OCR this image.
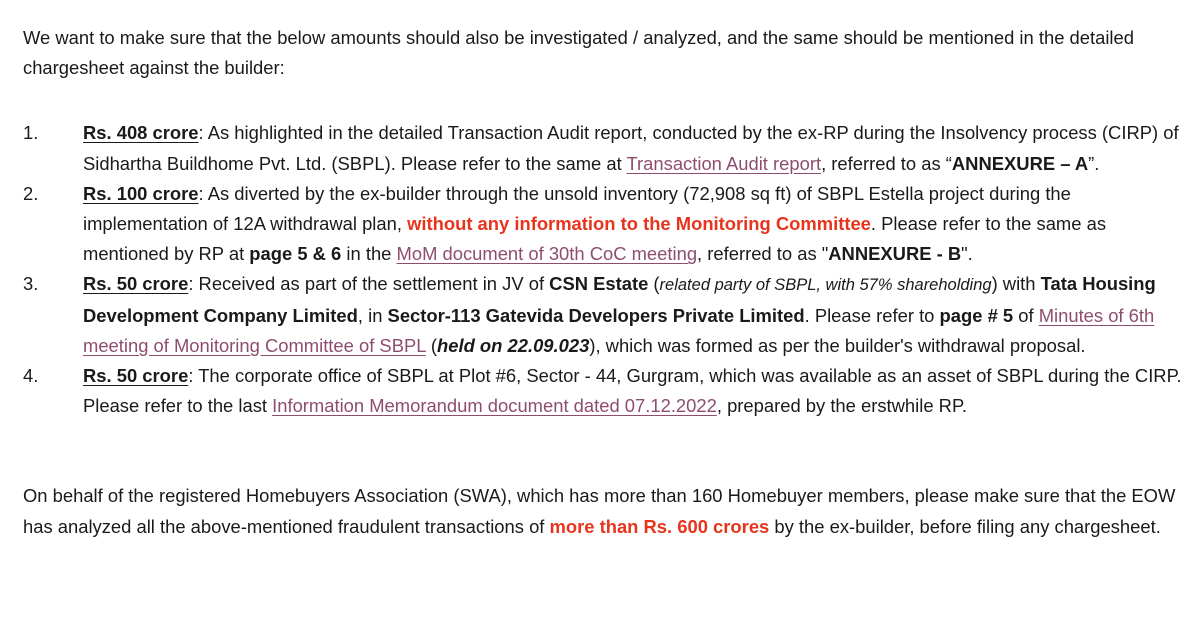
We want to make sure that the below amounts should also be investigated / analyzed, and the same should be mentioned in the detailed chargesheet against the builder:

1.	Rs. 408 crore: As highlighted in the detailed Transaction Audit report, conducted by the ex-RP during the Insolvency process (CIRP) of Sidhartha Buildhome Pvt. Ltd. (SBPL). Please refer to the same at Transaction Audit report, referred to as “ANNEXURE – A”.
2.	Rs. 100 crore: As diverted by the ex-builder through the unsold inventory (72,908 sq ft) of SBPL Estella project during the implementation of 12A withdrawal plan, without any information to the Monitoring Committee. Please refer to the same as mentioned by RP at page 5 & 6 in the MoM document of 30th CoC meeting, referred to as "ANNEXURE - B".
3.	Rs. 50 crore: Received as part of the settlement in JV of CSN Estate (related party of SBPL, with 57% shareholding) with Tata Housing Development Company Limited, in Sector-113 Gatevida Developers Private Limited. Please refer to page # 5 of Minutes of 6th meeting of Monitoring Committee of SBPL (held on 22.09.023), which was formed as per the builder's withdrawal proposal.
4.	Rs. 50 crore: The corporate office of SBPL at Plot #6, Sector - 44, Gurgram, which was available as an asset of SBPL during the CIRP. Please refer to the last Information Memorandum document dated 07.12.2022, prepared by the erstwhile RP.

On behalf of the registered Homebuyers Association (SWA), which has more than 160 Homebuyer members, please make sure that the EOW has analyzed all the above-mentioned fraudulent transactions of more than Rs. 600 crores by the ex-builder, before filing any chargesheet.
